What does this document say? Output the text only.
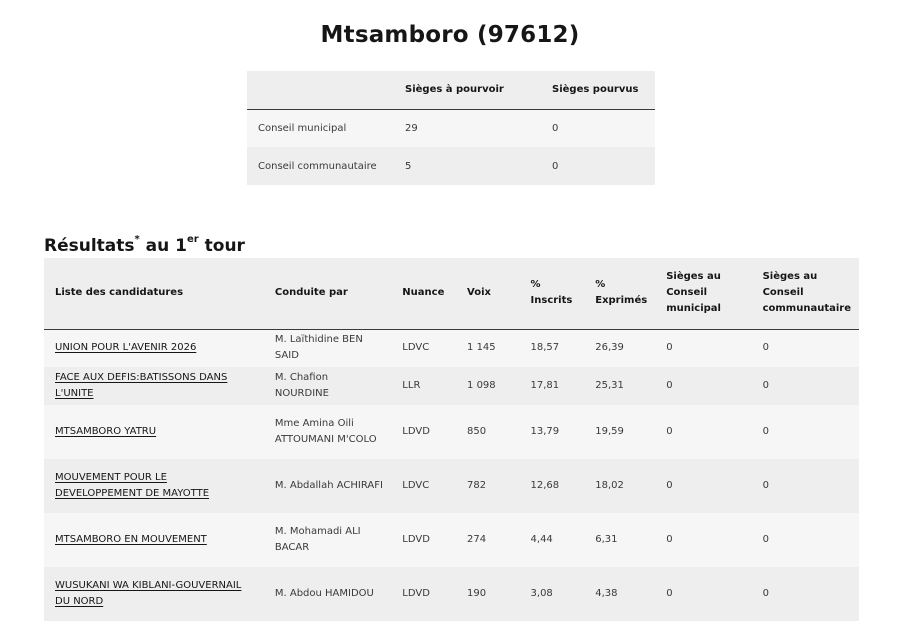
Mtsamboro (97612)
	Sièges à pourvoir	Sièges pourvus
Conseil municipal	29	0
Conseil communautaire	5	0
Résultats* au 1er tour
Liste des candidatures	Conduite par	Nuance	Voix	% Inscrits	% Exprimés	Sièges au Conseil municipal	Sièges au Conseil communautaire
UNION POUR L'AVENIR 2026	M. Laïthidine BEN SAID	LDVC	1 145	18,57	26,39	0	0
FACE AUX DEFIS:BATISSONS DANS L'UNITE	M. Chafion NOURDINE	LLR	1 098	17,81	25,31	0	0
MTSAMBORO YATRU	Mme Amina Oili ATTOUMANI M'COLO	LDVD	850	13,79	19,59	0	0
MOUVEMENT POUR LE DEVELOPPEMENT DE MAYOTTE	M. Abdallah ACHIRAFI	LDVC	782	12,68	18,02	0	0
MTSAMBORO EN MOUVEMENT	M. Mohamadi ALI BACAR	LDVD	274	4,44	6,31	0	0
WUSUKANI WA KIBLANI-GOUVERNAIL DU NORD	M. Abdou HAMIDOU	LDVD	190	3,08	4,38	0	0
